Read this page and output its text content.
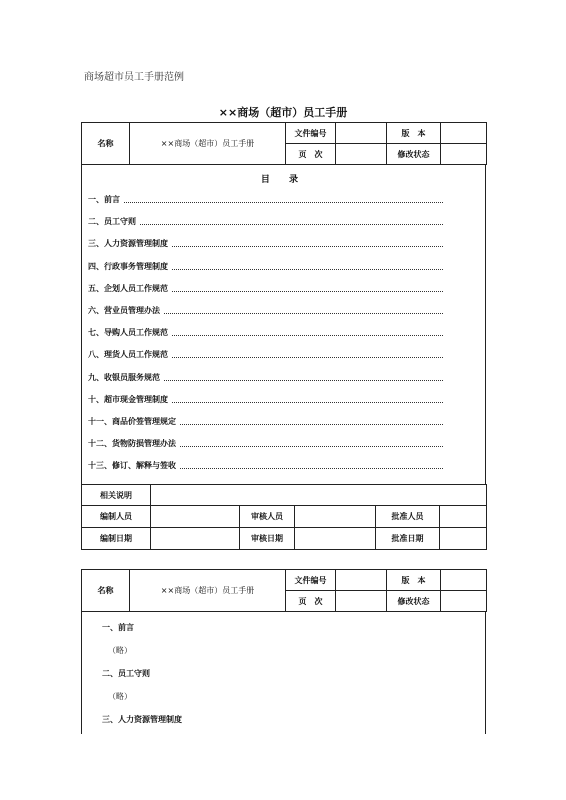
商场超市员工手册范例
××商场（超市）员工手册
名称	××商场（超市）员工手册	文件编号		版　本	
		页　次		修改状态	
目 录
一、前言
二、员工守则
三、人力资源管理制度
四、行政事务管理制度
五、企划人员工作规范
六、营业员管理办法
七、导购人员工作规范
八、理货人员工作规范
九、收银员服务规范
十、超市现金管理制度
十一、商品价签管理规定
十二、货物防损管理办法
十三、修订、解释与签收
相关说明					
编制人员		审核人员		批准人员	
编制日期		审核日期		批准日期	
名称	××商场（超市）员工手册	文件编号		版　本	
		页　次		修改状态	
一、前言
（略）
二、员工守则
（略）
三、人力资源管理制度
